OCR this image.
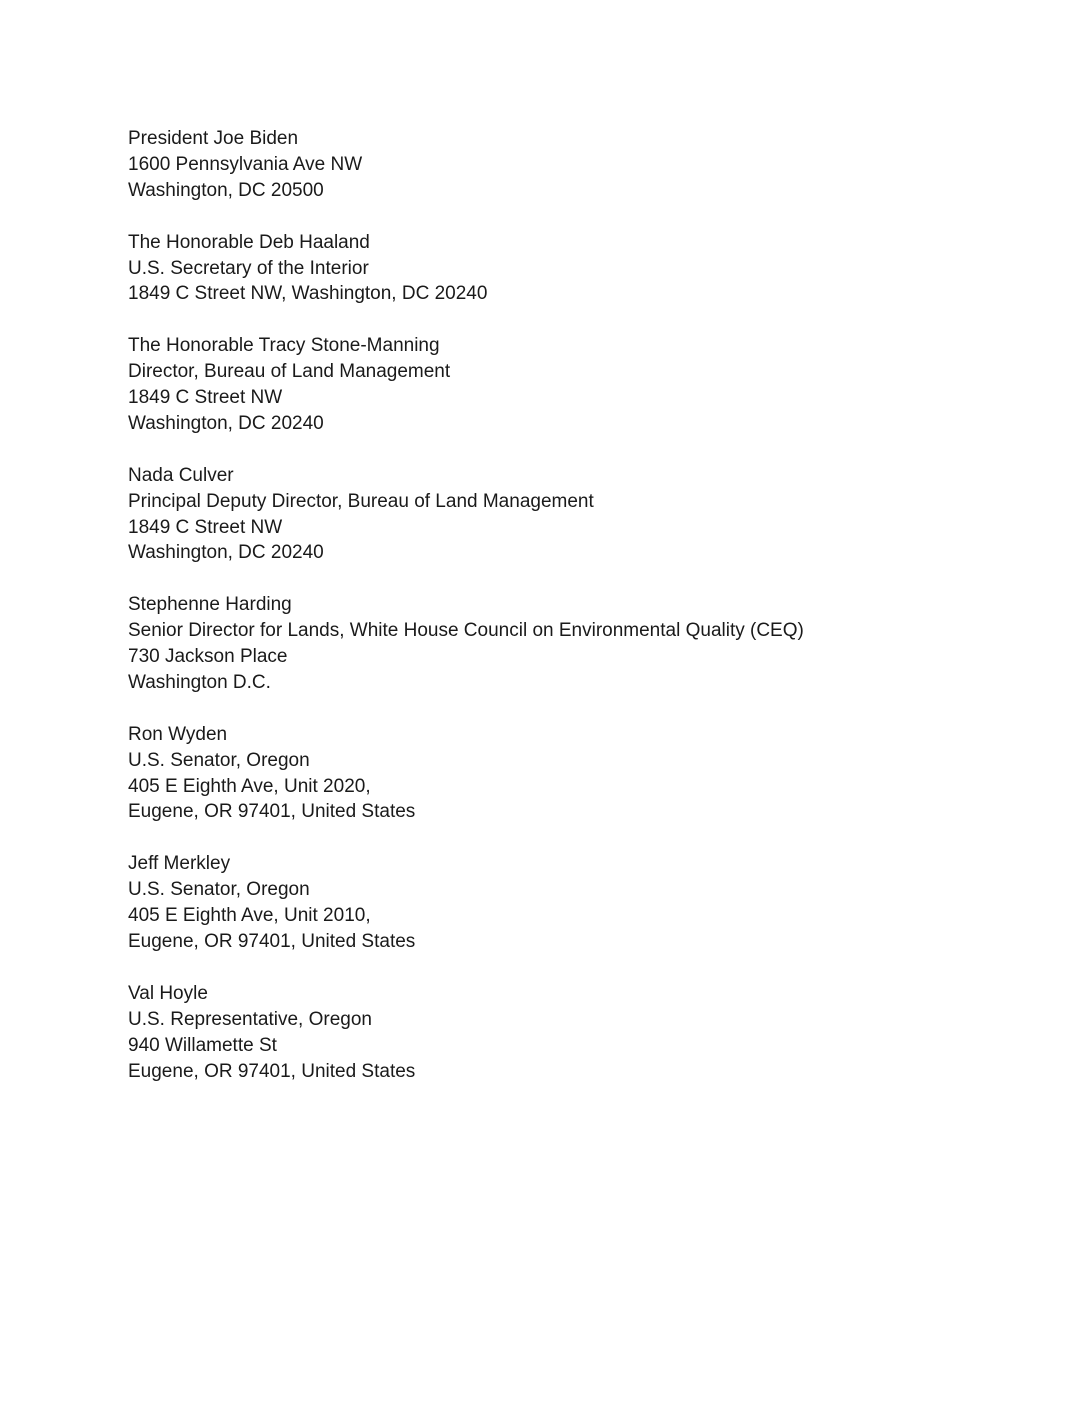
President Joe Biden
1600 Pennsylvania Ave NW
Washington, DC 20500
The Honorable Deb Haaland
U.S. Secretary of the Interior
1849 C Street NW, Washington, DC 20240
The Honorable Tracy Stone-Manning
Director, Bureau of Land Management
1849 C Street NW
Washington, DC 20240
Nada Culver
Principal Deputy Director, Bureau of Land Management
1849 C Street NW
Washington, DC 20240
Stephenne Harding
Senior Director for Lands, White House Council on Environmental Quality (CEQ)
730 Jackson Place
Washington D.C.
Ron Wyden
U.S. Senator, Oregon
405 E Eighth Ave, Unit 2020,
Eugene, OR 97401, United States
Jeff Merkley
U.S. Senator, Oregon
405 E Eighth Ave, Unit 2010,
Eugene, OR 97401, United States
Val Hoyle
U.S. Representative, Oregon
940 Willamette St
Eugene, OR 97401, United States
